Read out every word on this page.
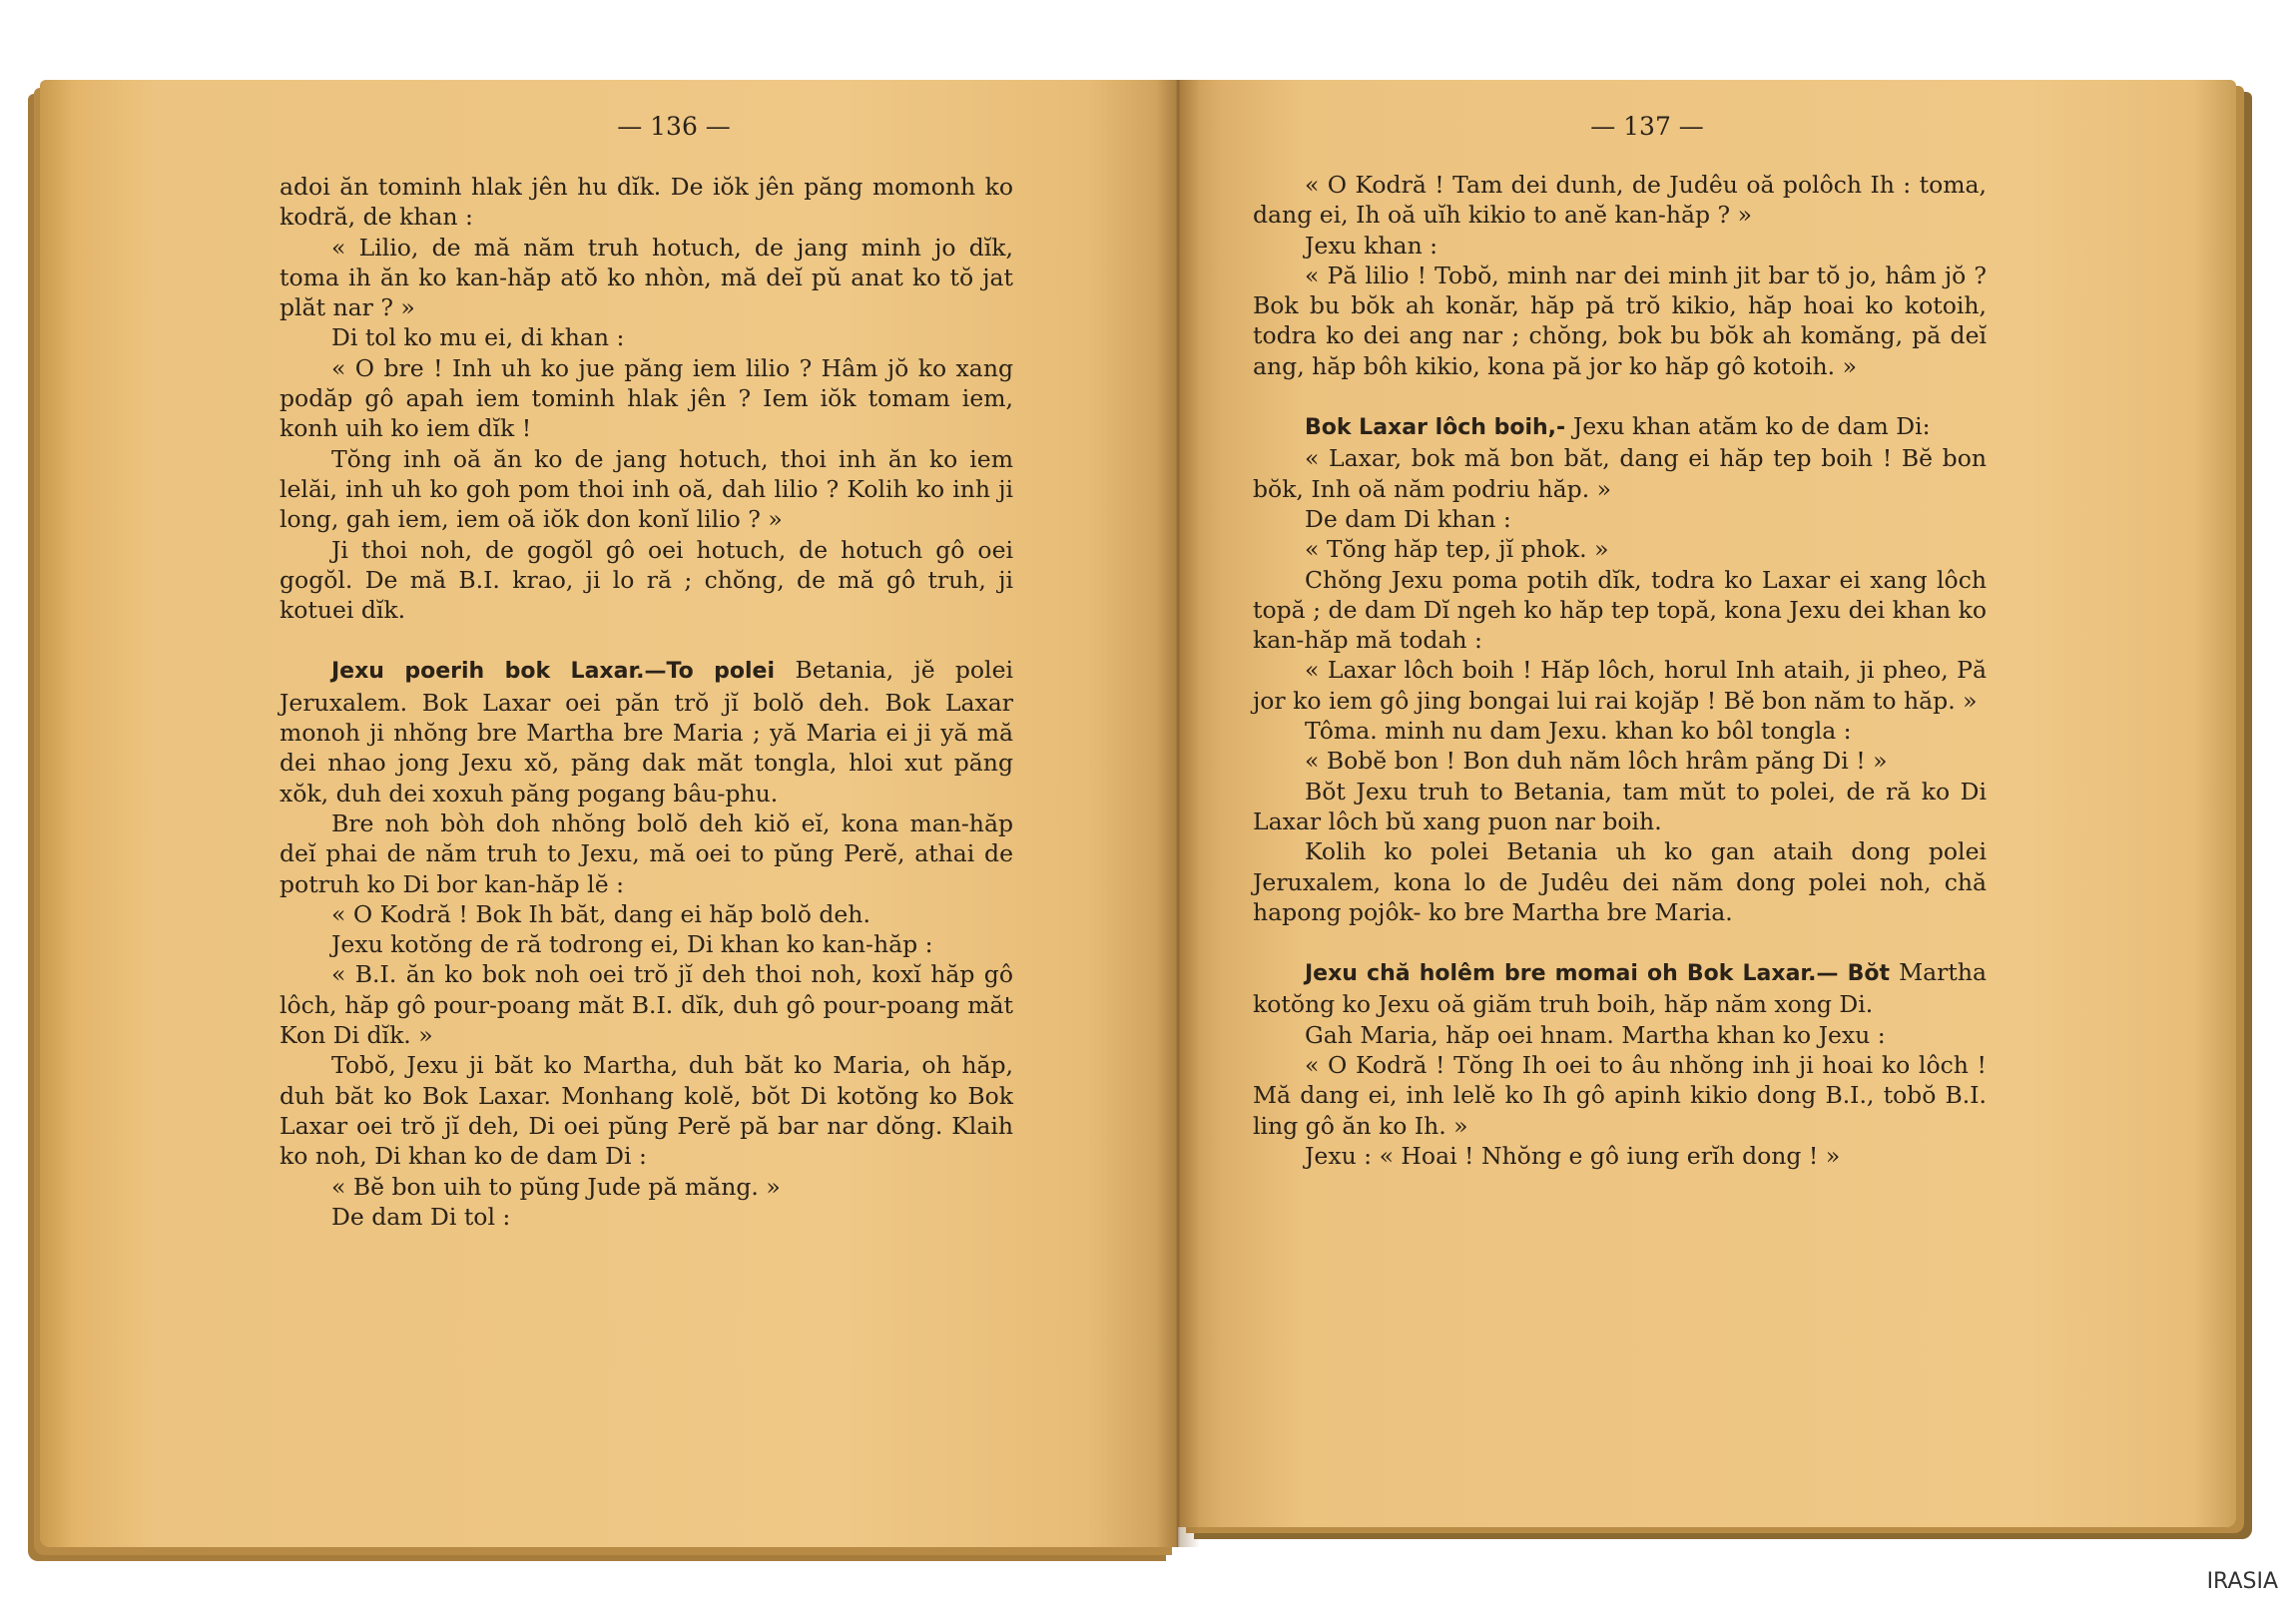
— 136 —	— 137 —

adoi ăn tominh hlak jên hu dĭk. De iŏk jên păng momonh ko kodră, de khan :

« Lilio, de mă năm truh hotuch, de jang minh jo dĭk, toma ih ăn ko kan-hăp atŏ ko nhòn, mă deĭ pŭ anat ko tŏ jat plăt nar ? »

Di tol ko mu ei, di khan :

« O bre ! Inh uh ko jue păng iem lilio ? Hâm jŏ ko xang podăp gô apah iem tominh hlak jên ? Iem iŏk tomam iem, konh uih ko iem dĭk !

Tŏng inh oă ăn ko de jang hotuch, thoi inh ăn ko iem lelăi, inh uh ko goh pom thoi inh oă, dah lilio ? Kolih ko inh ji long, gah iem, iem oă iŏk don konĭ lilio ? »

Ji thoi noh, de gogŏl gô oei hotuch, de hotuch gô oei gogŏl. De mă B.I. krao, ji lo ră ; chŏng, de mă gô truh, ji kotuei dĭk.

Jexu poerih bok Laxar.—To polei Betania, jĕ polei Jeruxalem. Bok Laxar oei păn trŏ jĭ bolŏ deh. Bok Laxar monoh ji nhŏng bre Martha bre Maria ; yă Maria ei ji yă mă dei nhao jong Jexu xŏ, păng dak măt tongla, hloi xut păng xŏk, duh dei xoxuh păng pogang bâu-phu.

Bre noh bòh doh nhŏng bolŏ deh kiŏ eĭ, kona man-hăp deĭ phai de năm truh to Jexu, mă oei to pŭng Perĕ, athai de potruh ko Di bor kan-hăp lĕ :

« O Kodră ! Bok Ih băt, dang ei hăp bolŏ deh.

Jexu kotŏng de ră todrong ei, Di khan ko kan-hăp :

« B.I. ăn ko bok noh oei trŏ jĭ deh thoi noh, koxĭ hăp gô lôch, hăp gô pour-poang măt B.I. dĭk, duh gô pour-poang măt Kon Di dĭk. »

Tobŏ, Jexu ji băt ko Martha, duh băt ko Maria, oh hăp, duh băt ko Bok Laxar. Monhang kolĕ, bŏt Di kotŏng ko Bok Laxar oei trŏ jĭ deh, Di oei pŭng Perĕ pă bar nar dŏng. Klaih ko noh, Di khan ko de dam Di :

« Bĕ bon uih to pŭng Jude pă măng. »

De dam Di tol :

« O Kodră ! Tam dei dunh, de Judêu oă polôch Ih : toma, dang ei, Ih oă uĭh kikio to anĕ kan-hăp ? »

Jexu khan :

« Pă lilio ! Tobŏ, minh nar dei minh jit bar tŏ jo, hâm jŏ ? Bok bu bŏk ah konăr, hăp pă trŏ kikio, hăp hoai ko kotoih, todra ko dei ang nar ; chŏng, bok bu bŏk ah komăng, pă deĭ ang, hăp bôh kikio, kona pă jor ko hăp gô kotoih. »

Bok Laxar lôch boih,- Jexu khan atăm ko de dam Di:

« Laxar, bok mă bon băt, dang ei hăp tep boih ! Bĕ bon bŏk, Inh oă năm podriu hăp. »

De dam Di khan :

« Tŏng hăp tep, jĭ phok. »

Chŏng Jexu poma potih dĭk, todra ko Laxar ei xang lôch topă ; de dam Dĭ ngeh ko hăp tep topă, kona Jexu dei khan ko kan-hăp mă todah :

« Laxar lôch boih ! Hăp lôch, horul Inh ataih, ji pheo, Pă jor ko iem gô jing bongai lui rai kojăp ! Bĕ bon năm to hăp. »

Tôma. minh nu dam Jexu. khan ko bôl tongla :

« Bobĕ bon ! Bon duh năm lôch hrâm păng Di ! »

Bŏt Jexu truh to Betania, tam mŭt to polei, de ră ko Di Laxar lôch bŭ xang puon nar boih.

Kolih ko polei Betania uh ko gan ataih dong polei Jeruxalem, kona lo de Judêu dei năm dong polei noh, chă hapong pojôk- ko bre Martha bre Maria.

Jexu chă holêm bre momai oh Bok Laxar.— Bŏt Martha kotŏng ko Jexu oă giăm truh boih, hăp năm xong Di.

Gah Maria, hăp oei hnam. Martha khan ko Jexu :

« O Kodră ! Tŏng Ih oei to âu nhŏng inh ji hoai ko lôch ! Mă dang ei, inh lelĕ ko Ih gô apinh kikio dong B.I., tobŏ B.I. ling gô ăn ko Ih. »

Jexu : « Hoai ! Nhŏng e gô iung erĭh dong ! »

IRASIA
